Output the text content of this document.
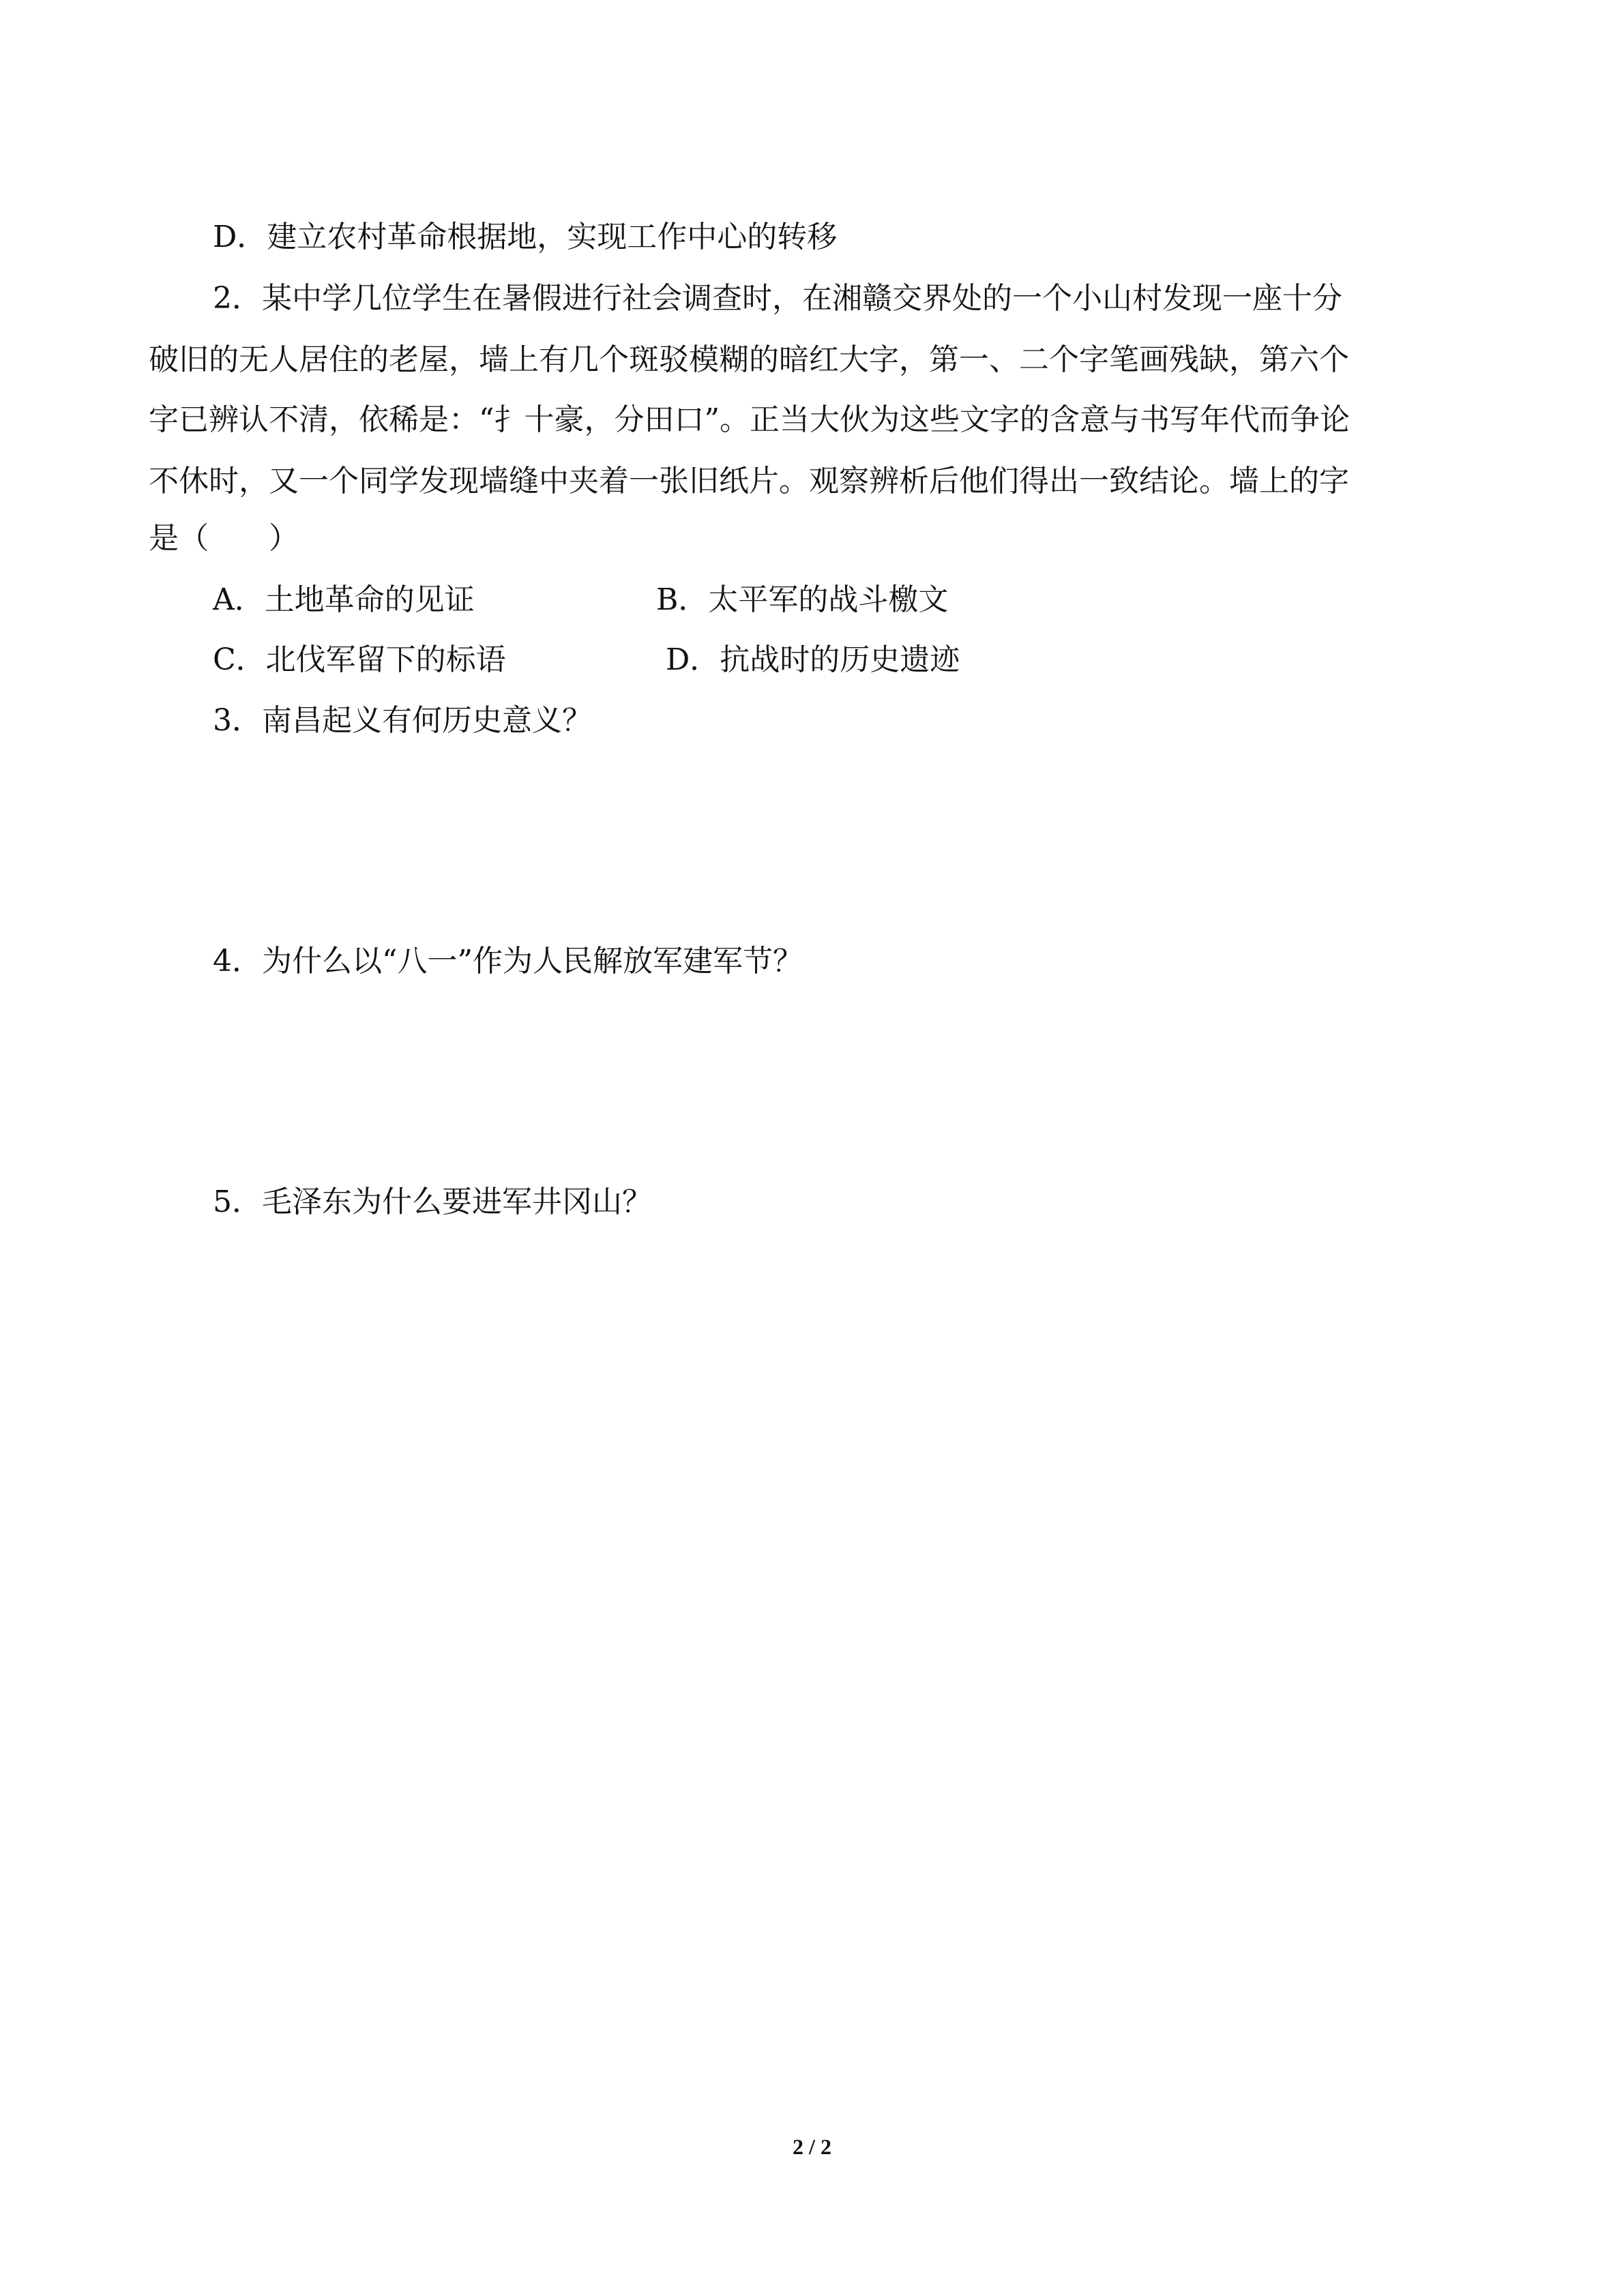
D．建立农村革命根据地，实现工作中心的转移
2．某中学几位学生在暑假进行社会调查时，在湘赣交界处的一个小山村发现一座十分
破旧的无人居住的老屋，墙上有几个斑驳模糊的暗红大字，第一、二个字笔画残缺，第六个
字已辨认不清，依稀是：“扌十豪，分田口”。正当大伙为这些文字的含意与书写年代而争论
不休时，又一个同学发现墙缝中夹着一张旧纸片。观察辨析后他们得出一致结论。墙上的字
是（　　）
A．土地革命的见证	B．太平军的战斗檄文
C．北伐军留下的标语	D．抗战时的历史遗迹
3．南昌起义有何历史意义？
4．为什么以“八一”作为人民解放军建军节？
5．毛泽东为什么要进军井冈山？
2 / 2
